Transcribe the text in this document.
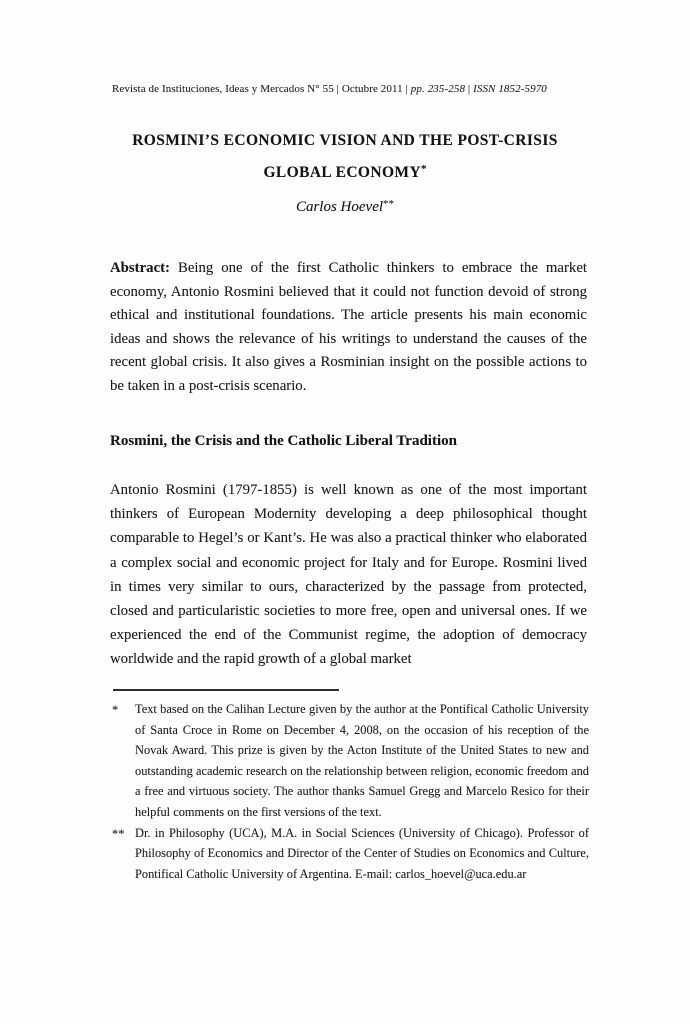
Revista de Instituciones, Ideas y Mercados N° 55 | Octubre 2011 | pp. 235-258 | ISSN 1852-5970
ROSMINI’S ECONOMIC VISION AND THE POST-CRISIS
GLOBAL ECONOMY*
Carlos Hoevel**
Abstract: Being one of the first Catholic thinkers to embrace the market economy, Antonio Rosmini believed that it could not function devoid of strong ethical and institutional foundations. The article presents his main economic ideas and shows the relevance of his writings to understand the causes of the recent global crisis. It also gives a Rosminian insight on the possible actions to be taken in a post-crisis scenario.
Rosmini, the Crisis and the Catholic Liberal Tradition
Antonio Rosmini (1797-1855) is well known as one of the most important thinkers of European Modernity developing a deep philosophical thought comparable to Hegel’s or Kant’s. He was also a practical thinker who elaborated a complex social and economic project for Italy and for Europe. Rosmini lived in times very similar to ours, characterized by the passage from protected, closed and particularistic societies to more free, open and universal ones. If we experienced the end of the Communist regime, the adoption of democracy worldwide and the rapid growth of a global market
*	Text based on the Calihan Lecture given by the author at the Pontifical Catholic University of Santa Croce in Rome on December 4, 2008, on the occasion of his reception of the Novak Award. This prize is given by the Acton Institute of the United States to new and outstanding academic research on the relationship between religion, economic freedom and a free and virtuous society. The author thanks Samuel Gregg and Marcelo Resico for their helpful comments on the first versions of the text.
** Dr. in Philosophy (UCA), M.A. in Social Sciences (University of Chicago). Professor of Philosophy of Economics and Director of the Center of Studies on Economics and Culture, Pontifical Catholic University of Argentina. E-mail: carlos_hoevel@uca.edu.ar
